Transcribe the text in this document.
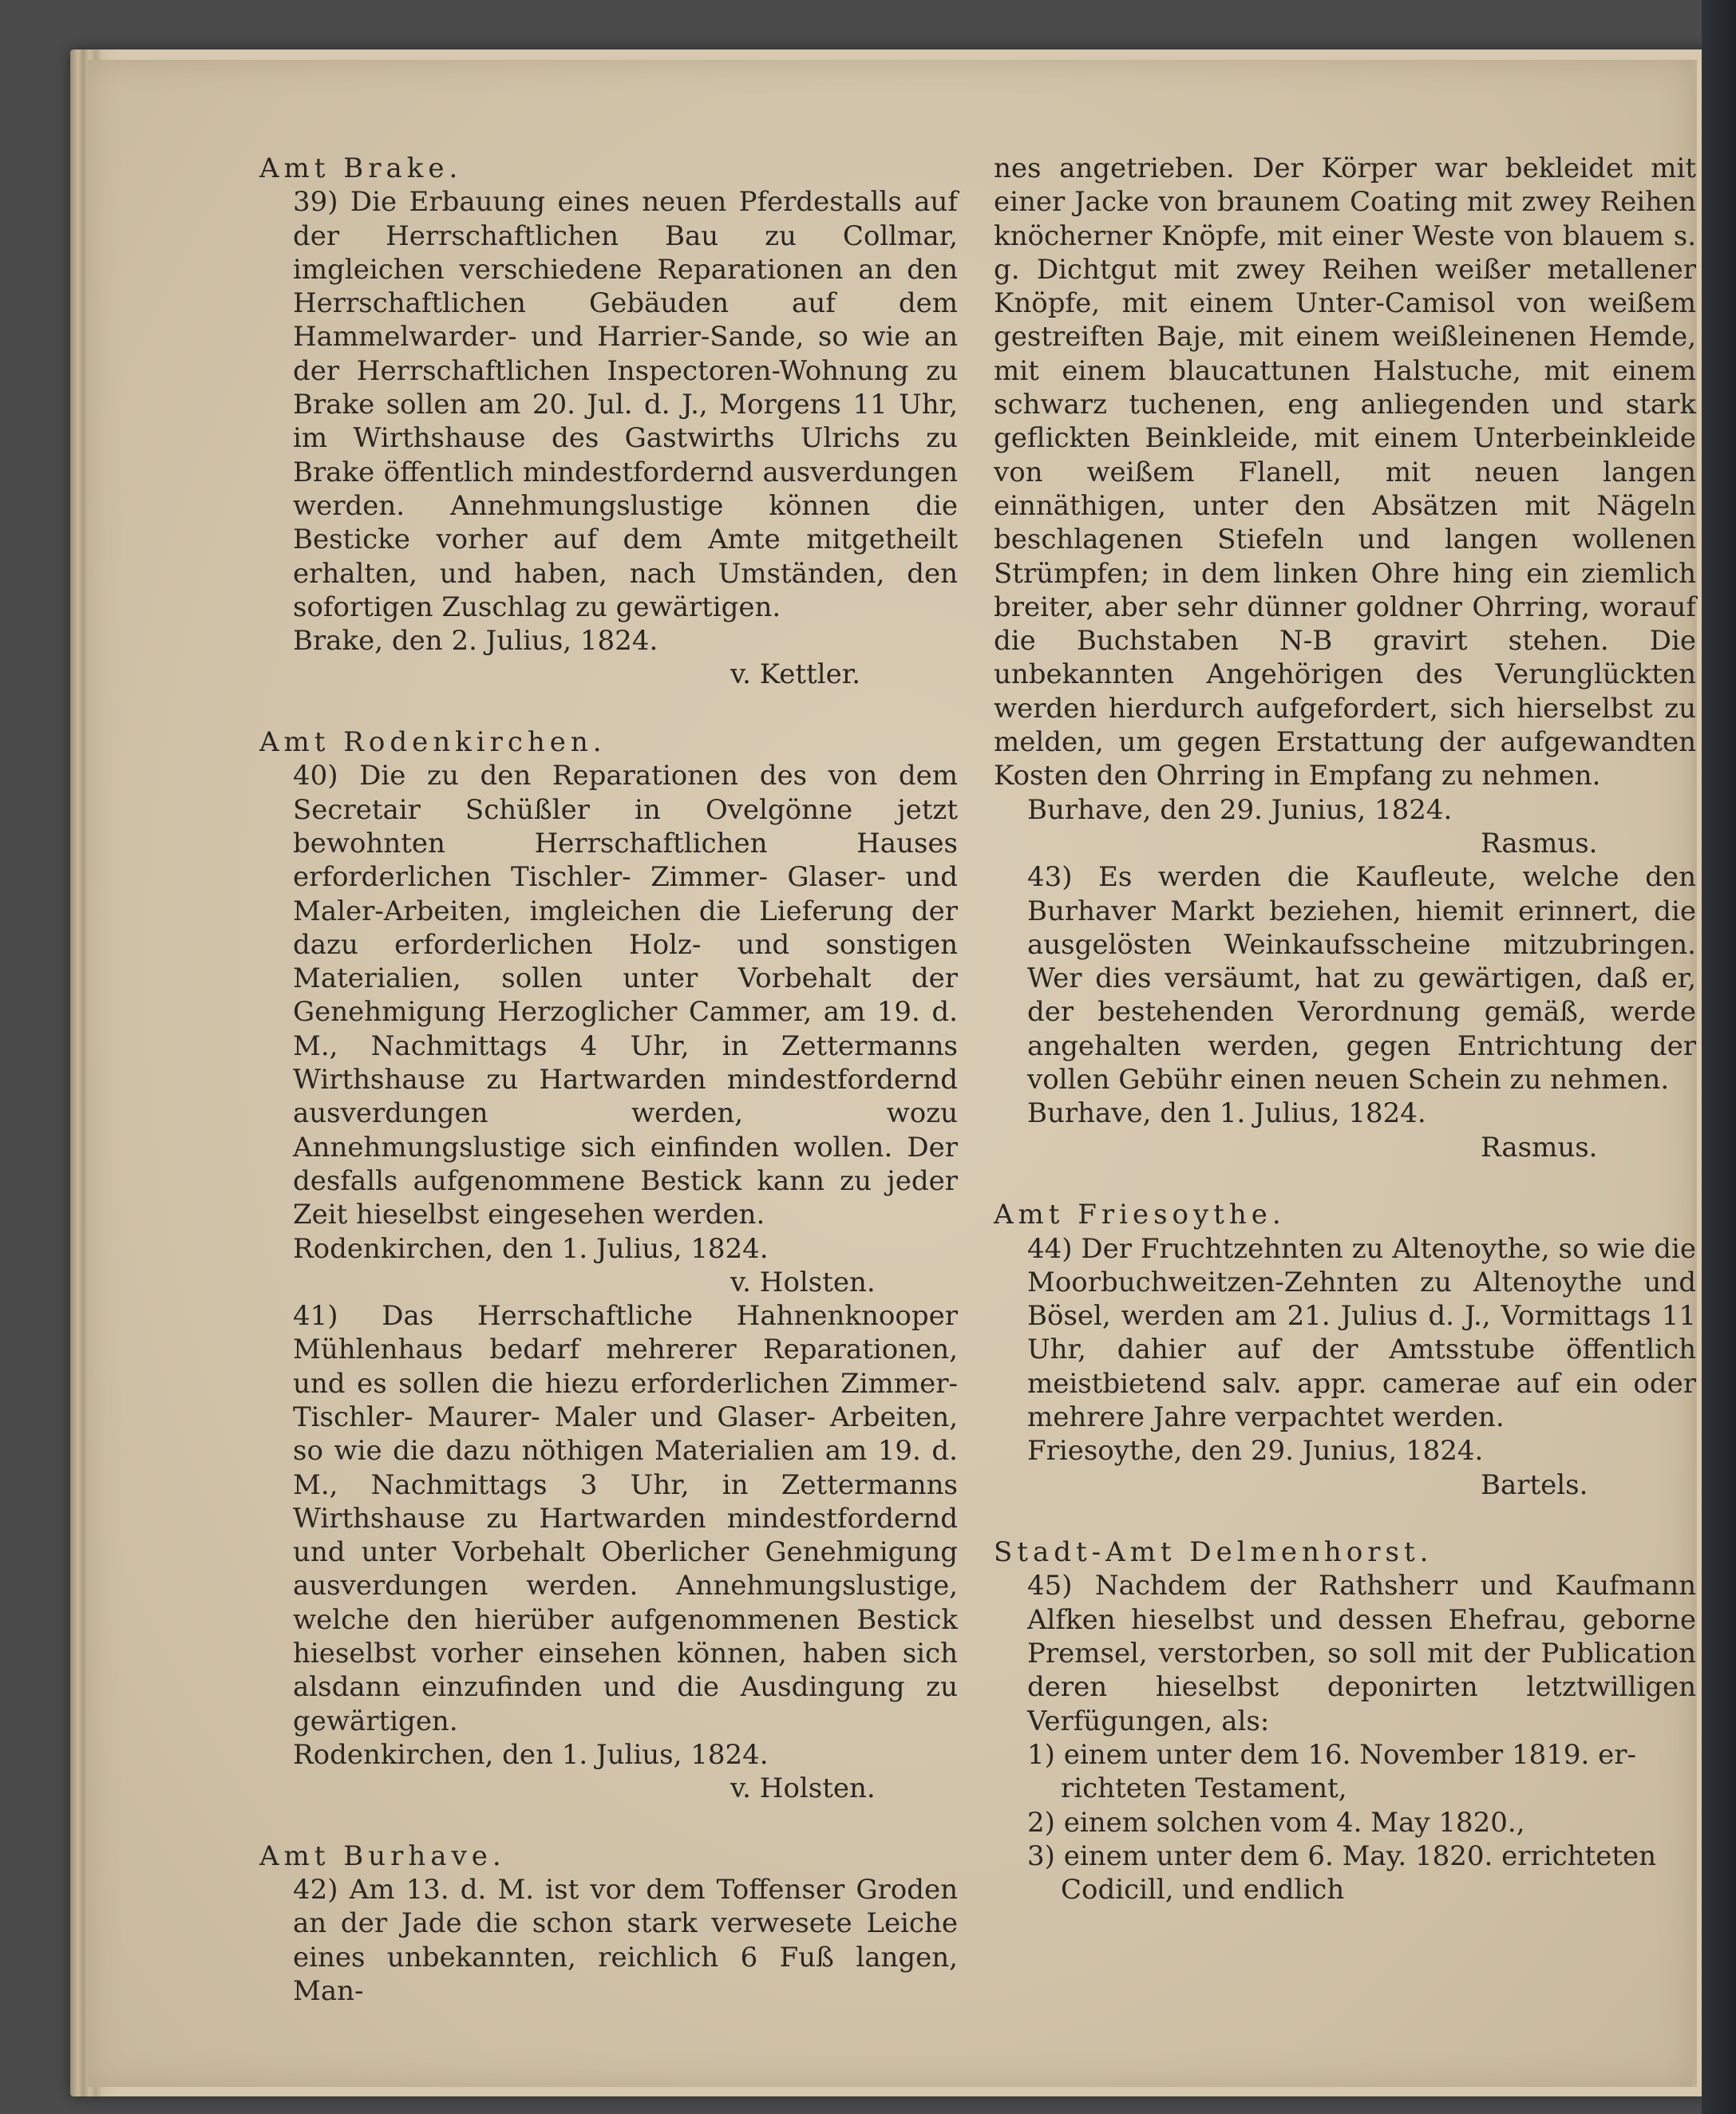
Amt Brake.

39) Die Erbauung eines neuen Pferdestalls auf der Herrschaftlichen Bau zu Collmar, imgleichen verschiedene Reparationen an den Herrschaftlichen Gebäuden auf dem Hammelwarder- und Harrier-Sande, so wie an der Herrschaftlichen Inspectoren-Wohnung zu Brake sollen am 20. Jul. d. J., Morgens 11 Uhr, im Wirthshause des Gastwirths Ulrichs zu Brake öffentlich mindestfordernd ausverdungen werden. Annehmungslustige können die Besticke vorher auf dem Amte mitgetheilt erhalten, und haben, nach Umständen, den sofortigen Zuschlag zu gewärtigen.

Brake, den 2. Julius, 1824.

v. Kettler.

Amt Rodenkirchen.

40) Die zu den Reparationen des von dem Secretair Schüßler in Ovelgönne jetzt bewohnten Herrschaftlichen Hauses erforderlichen Tischler- Zimmer- Glaser- und Maler-Arbeiten, imgleichen die Lieferung der dazu erforderlichen Holz- und sonstigen Materialien, sollen unter Vorbehalt der Genehmigung Herzoglicher Cammer, am 19. d. M., Nachmittags 4 Uhr, in Zettermanns Wirthshause zu Hartwarden mindestfordernd ausverdungen werden, wozu Annehmungslustige sich einfinden wollen. Der desfalls aufgenommene Bestick kann zu jeder Zeit hieselbst eingesehen werden.

Rodenkirchen, den 1. Julius, 1824.

v. Holsten.

41) Das Herrschaftliche Hahnenknooper Mühlenhaus bedarf mehrerer Reparationen, und es sollen die hiezu erforderlichen Zimmer- Tischler- Maurer- Maler und Glaser- Arbeiten, so wie die dazu nöthigen Materialien am 19. d. M., Nachmittags 3 Uhr, in Zettermanns Wirthshause zu Hartwarden mindestfordernd und unter Vorbehalt Oberlicher Genehmigung ausverdungen werden. Annehmungslustige, welche den hierüber aufgenommenen Bestick hieselbst vorher einsehen können, haben sich alsdann einzufinden und die Ausdingung zu gewärtigen.

Rodenkirchen, den 1. Julius, 1824.

v. Holsten.

Amt Burhave.

42) Am 13. d. M. ist vor dem Toffenser Groden an der Jade die schon stark verwesete Leiche eines unbekannten, reichlich 6 Fuß langen, Man-

nes angetrieben. Der Körper war bekleidet mit einer Jacke von braunem Coating mit zwey Reihen knöcherner Knöpfe, mit einer Weste von blauem s. g. Dichtgut mit zwey Reihen weißer metallener Knöpfe, mit einem Unter-Camisol von weißem gestreiften Baje, mit einem weißleinenen Hemde, mit einem blaucattunen Halstuche, mit einem schwarz tuchenen, eng anliegenden und stark geflickten Beinkleide, mit einem Unterbeinkleide von weißem Flanell, mit neuen langen einnäthigen, unter den Absätzen mit Nägeln beschlagenen Stiefeln und langen wollenen Strümpfen; in dem linken Ohre hing ein ziemlich breiter, aber sehr dünner goldner Ohrring, worauf die Buchstaben N-B gravirt stehen. Die unbekannten Angehörigen des Verunglückten werden hierdurch aufgefordert, sich hierselbst zu melden, um gegen Erstattung der aufgewandten Kosten den Ohrring in Empfang zu nehmen.

Burhave, den 29. Junius, 1824.

Rasmus.

43) Es werden die Kaufleute, welche den Burhaver Markt beziehen, hiemit erinnert, die ausgelösten Weinkaufsscheine mitzubringen. Wer dies versäumt, hat zu gewärtigen, daß er, der bestehenden Verordnung gemäß, werde angehalten werden, gegen Entrichtung der vollen Gebühr einen neuen Schein zu nehmen.

Burhave, den 1. Julius, 1824.

Rasmus.

Amt Friesoythe.

44) Der Fruchtzehnten zu Altenoythe, so wie die Moorbuchweitzen-Zehnten zu Altenoythe und Bösel, werden am 21. Julius d. J., Vormittags 11 Uhr, dahier auf der Amtsstube öffentlich meistbietend salv. appr. camerae auf ein oder mehrere Jahre verpachtet werden.

Friesoythe, den 29. Junius, 1824.

Bartels.

Stadt-Amt Delmenhorst.

45) Nachdem der Rathsherr und Kaufmann Alfken hieselbst und dessen Ehefrau, geborne Premsel, verstorben, so soll mit der Publication deren hieselbst deponirten letztwilligen Verfügungen, als:

1) einem unter dem 16. November 1819. er-

richteten Testament,

2) einem solchen vom 4. May 1820.,

3) einem unter dem 6. May. 1820. errichteten

Codicill, und endlich
